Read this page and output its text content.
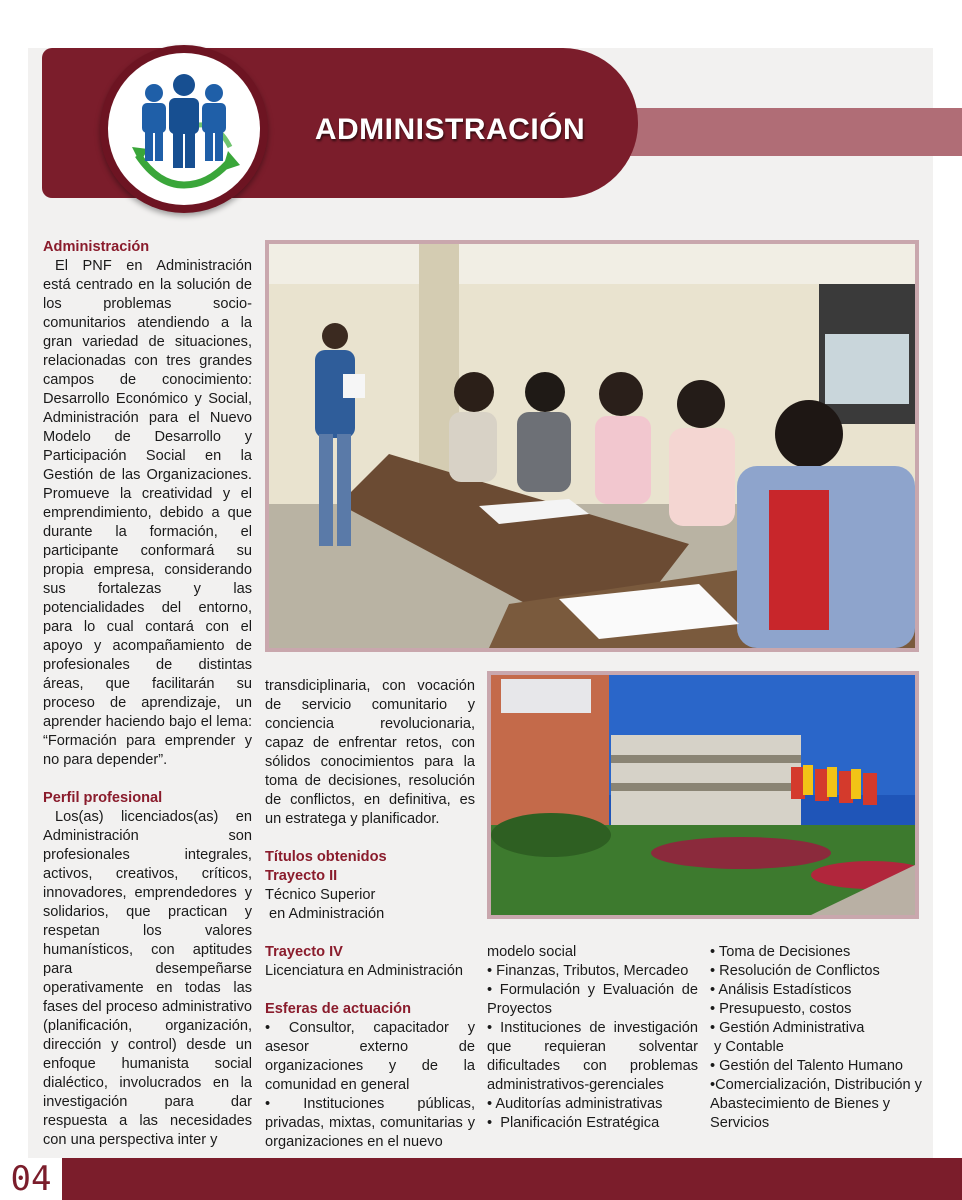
ADMINISTRACIÓN

Administración

El PNF en Administración está centrado en la solución de los problemas socio-comunitarios atendiendo a la gran variedad de situaciones, relacionadas con tres grandes campos de conocimiento: Desarrollo Económico y Social, Administración para el Nuevo Modelo de Desarrollo y Participación Social en la Gestión de las Organizaciones. Promueve la creatividad y el emprendimiento, debido a que durante la formación, el participante conformará su propia empresa, considerando sus fortalezas y las potencialidades del entorno, para lo cual contará con el apoyo y acompañamiento de profesionales de distintas áreas, que facilitarán su proceso de aprendizaje, un aprender haciendo bajo el lema: “Formación para emprender y no para depender”.

Perfil profesional

Los(as) licenciados(as) en Administración son profesionales integrales, activos, creativos, críticos, innovadores, emprendedores y solidarios, que practican y respetan los valores humanísticos, con aptitudes para desempeñarse operativamente en todas las fases del proceso administrativo (planificación, organización, dirección y control) desde un enfoque humanista social dialéctico, involucrados en la investigación para dar respuesta a las necesidades con una perspectiva inter y

transdiciplinaria, con vocación de servicio comunitario y conciencia revolucionaria, capaz de enfrentar retos, con sólidos conocimientos para la toma de decisiones, resolución de conflictos, en definitiva, es un estratega y planificador.

Títulos obtenidos

Trayecto II

Técnico Superior

en Administración

Trayecto IV

Licenciatura en Administración

Esferas de actuación

• Consultor, capacitador y asesor externo de organizaciones y de la comunidad en general

• Instituciones públicas, privadas, mixtas, comunitarias y organizaciones en el nuevo

modelo social

• Finanzas, Tributos, Mercadeo

• Formulación y Evaluación de Proyectos

• Instituciones de investigación que requieran solventar dificultades con problemas administrativos-gerenciales

• Auditorías administrativas

•  Planificación Estratégica

• Toma de Decisiones

• Resolución de Conflictos

• Análisis Estadísticos

• Presupuesto, costos

• Gestión Administrativa

y Contable

• Gestión del Talento Humano

•Comercialización, Distribución y Abastecimiento de Bienes y Servicios

04
